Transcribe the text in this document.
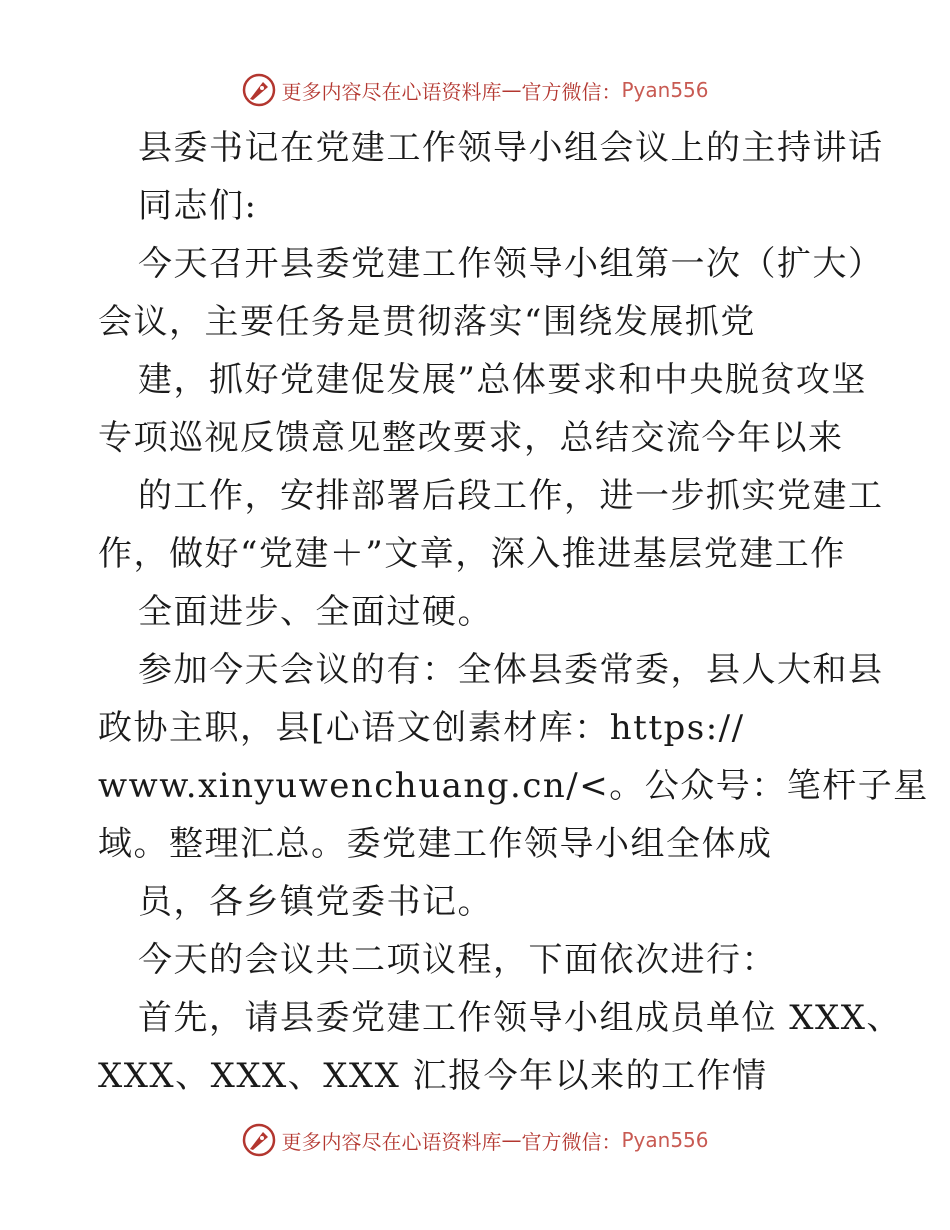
更多内容尽在心语资料库 — 官方微信： Pyan556
县委书记在党建工作领导小组会议上的主持讲话
同志们:
今天召开县委党建工作领导小组第一次（扩大）
会议，主要任务是贯彻落实“围绕发展抓党
建，抓好党建促发展”总体要求和中央脱贫攻坚
专项巡视反馈意见整改要求，总结交流今年以来
的工作，安排部署后段工作，进一步抓实党建工
作，做好“党建＋”文章，深入推进基层党建工作
全面进步、全面过硬。
参加今天会议的有：全体县委常委，县人大和县
政协主职，县[心语文创素材库：https://
www.xinyuwenchuang.cn/<。公众号：笔杆子星
域。整理汇总。委党建工作领导小组全体成
员，各乡镇党委书记。
今天的会议共二项议程，下面依次进行：
首先，请县委党建工作领导小组成员单位 XXX、
XXX、XXX、XXX 汇报今年以来的工作情
更多内容尽在心语资料库 — 官方微信： Pyan556
